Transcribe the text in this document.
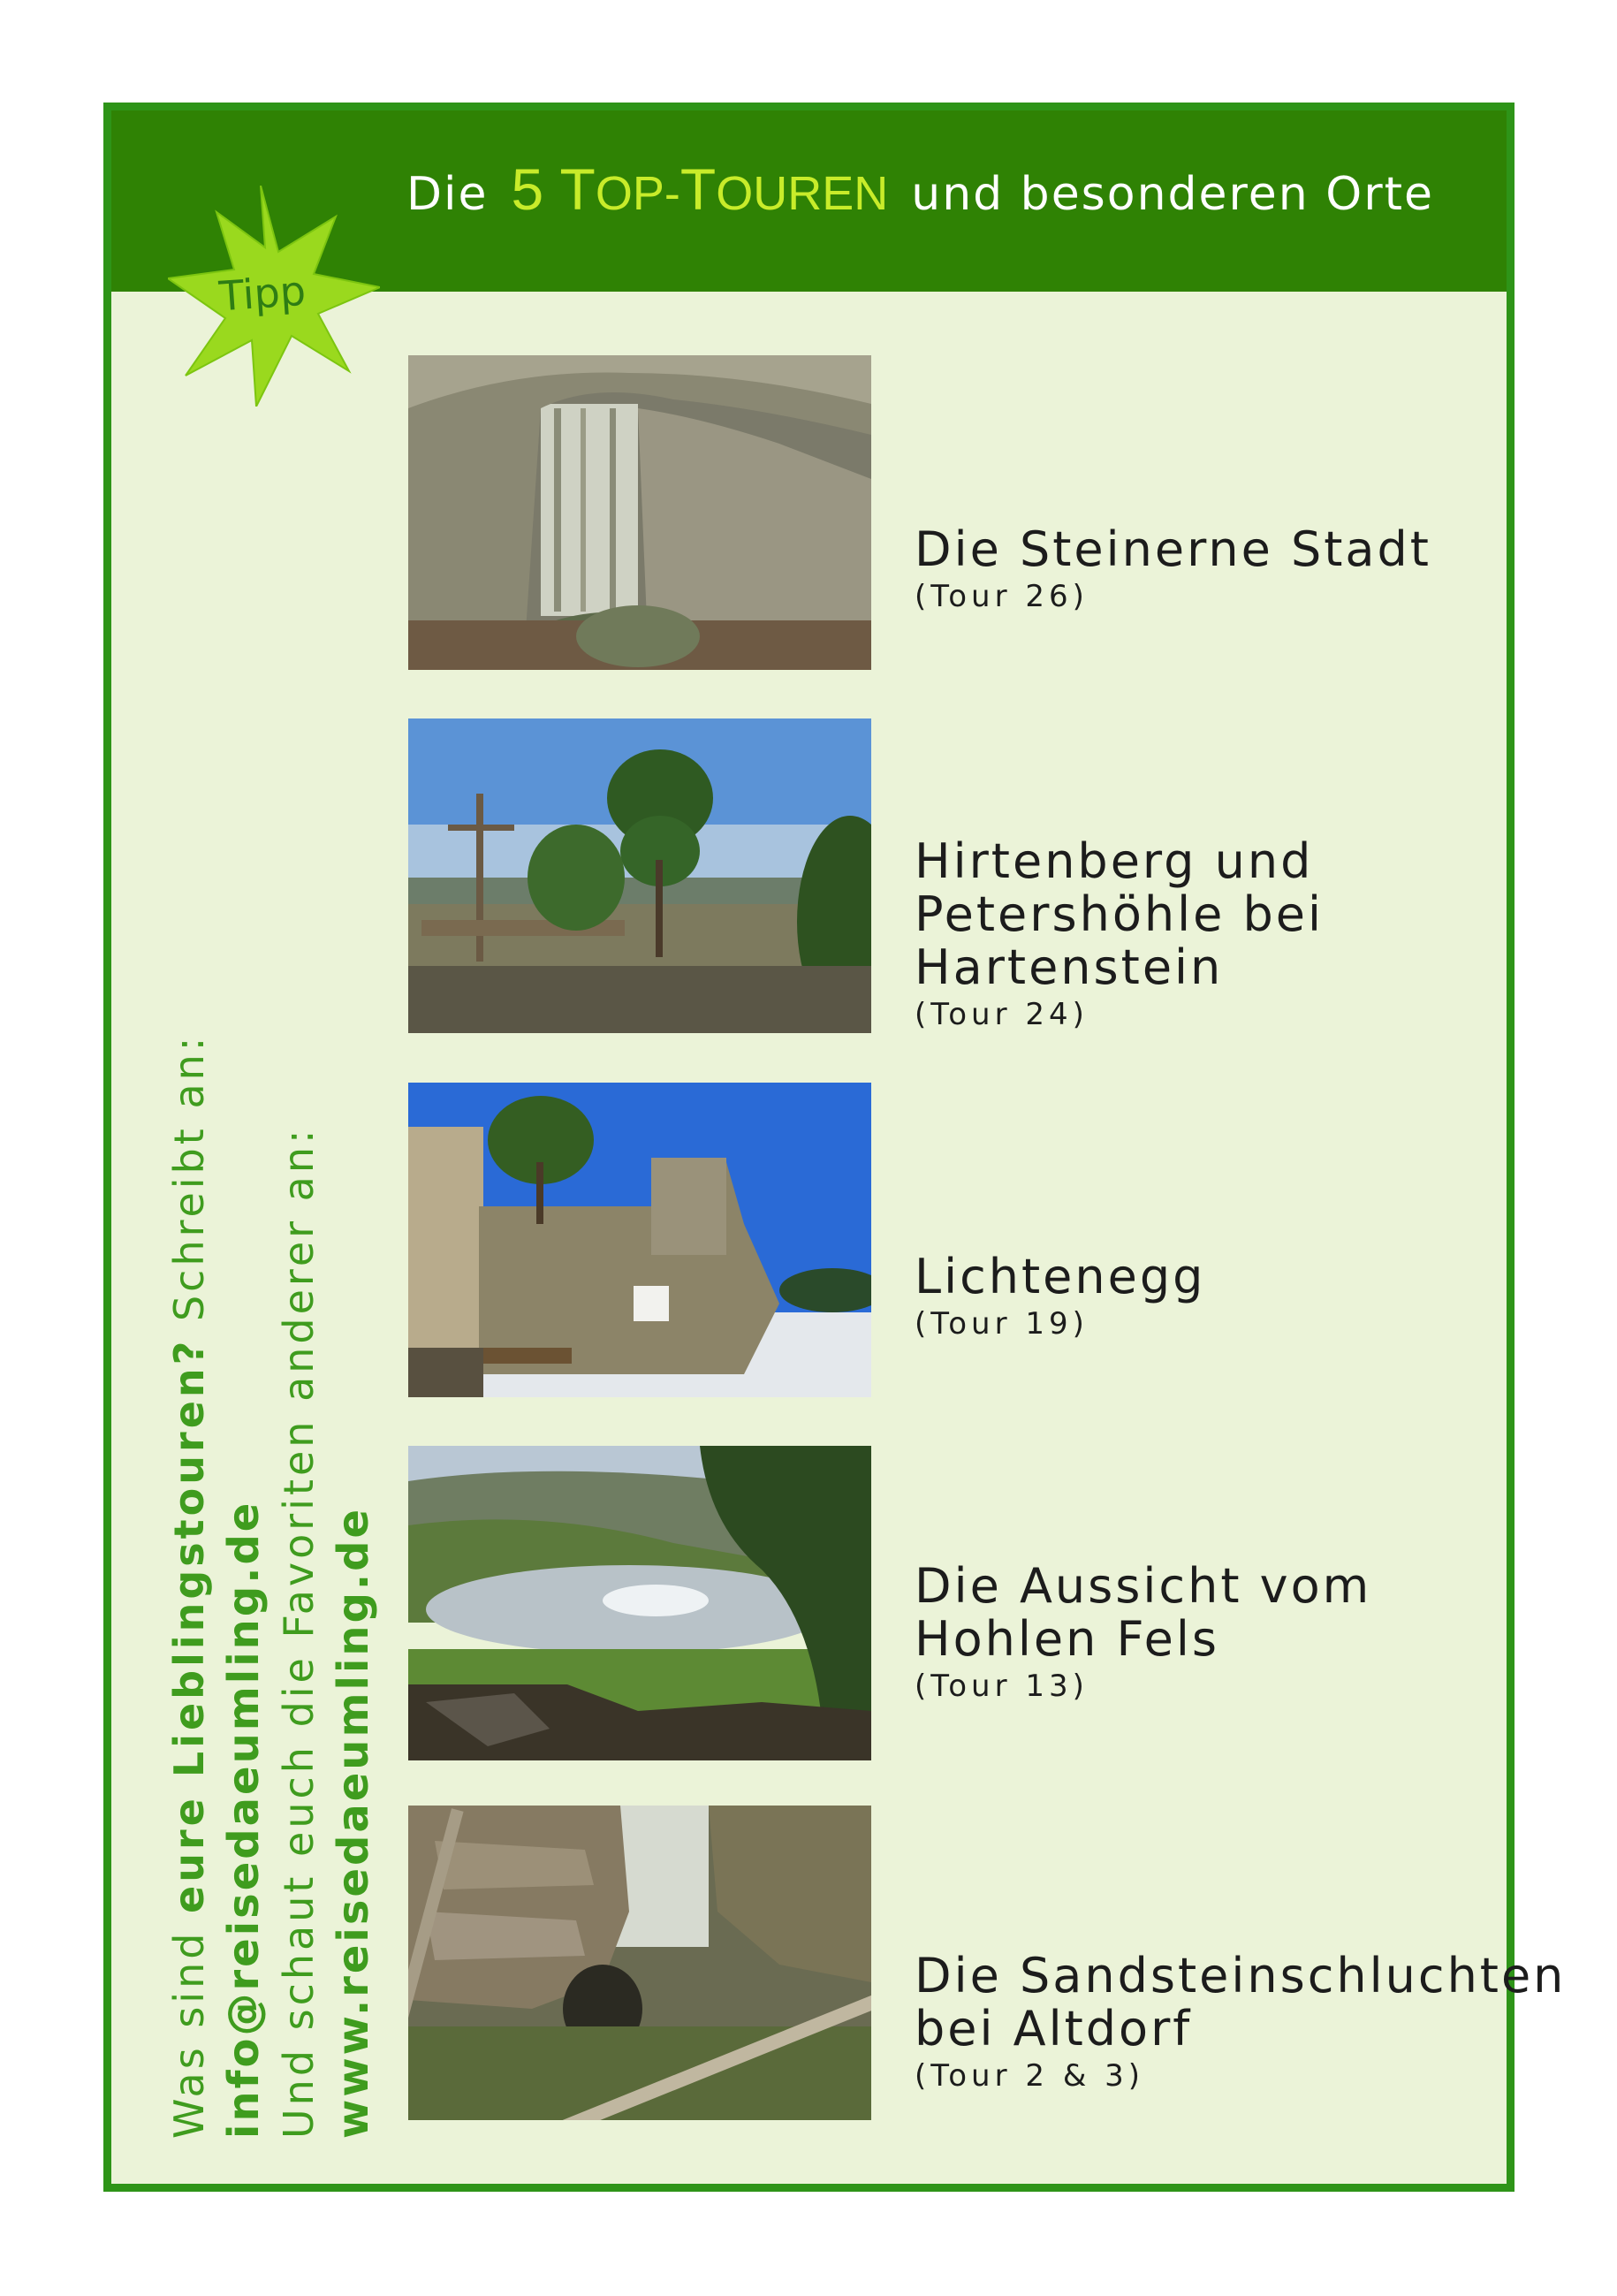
Die 5 TOP-TOUREN und besonderen Orte
Tipp

Die Steinerne Stadt

(Tour 26)

Hirtenberg und
Petershöhle bei
Hartenstein

(Tour 24)

Lichtenegg

(Tour 19)

Die Aussicht vom
Hohlen Fels

(Tour 13)

Die Sandsteinschluchten
bei Altdorf

(Tour 2 & 3)

Was sind eure Lieblingstouren? Schreibt an:
info@reisedaeumling.de Und schaut euch die Favoriten anderer an: www.reisedaeumling.de
